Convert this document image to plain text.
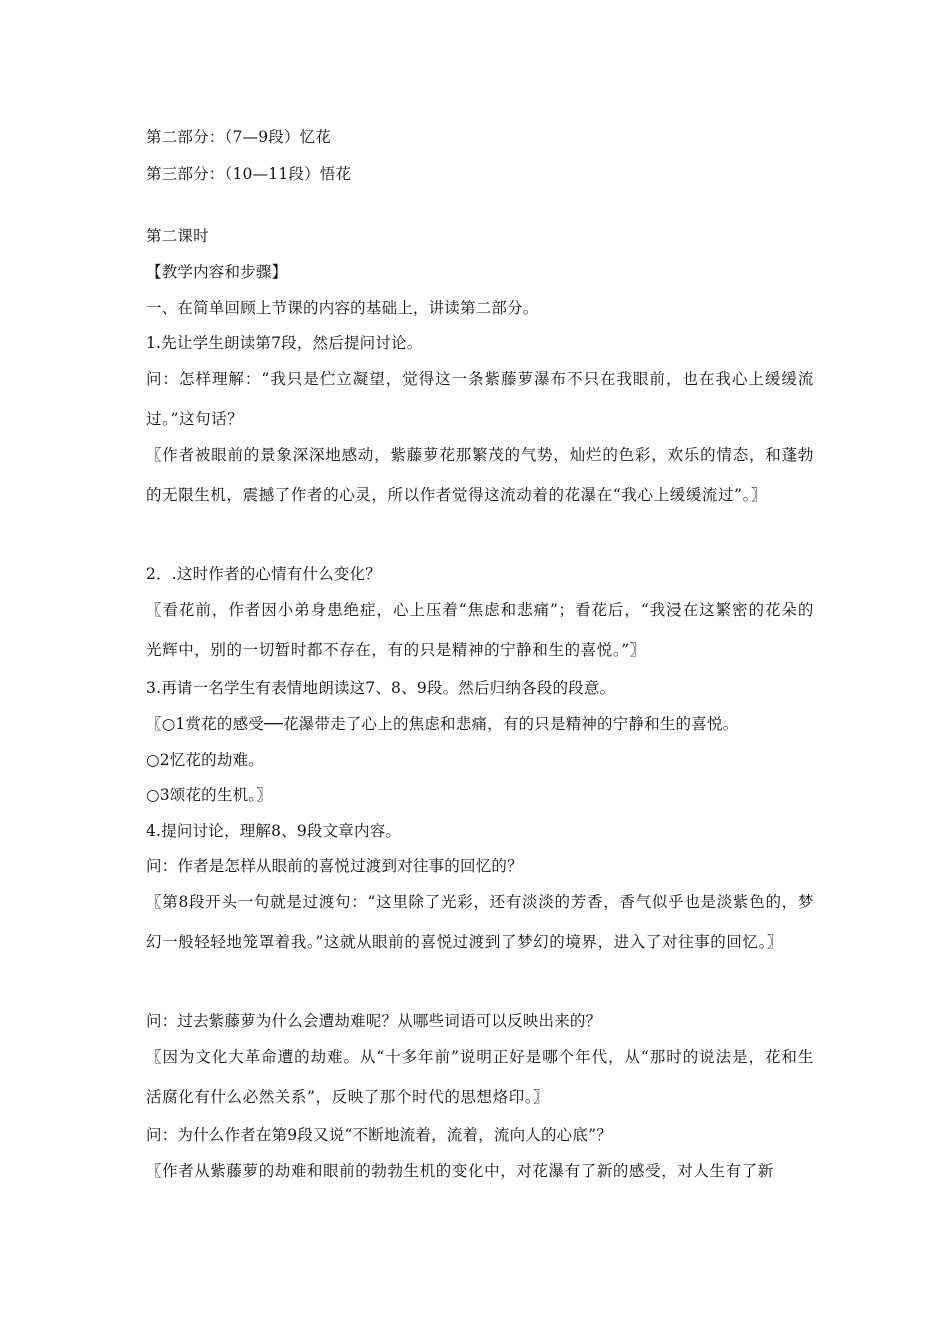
第二部分：（7—9段）忆花
第三部分：（10—11段）悟花
第二课时
【教学内容和步骤】
一、在简单回顾上节课的内容的基础上，讲读第二部分。
1.先让学生朗读第7段，然后提问讨论。
问：怎样理解：“我只是伫立凝望，觉得这一条紫藤萝瀑布不只在我眼前，也在我心上缓缓流过。”这句话？
〖作者被眼前的景象深深地感动，紫藤萝花那繁茂的气势，灿烂的色彩，欢乐的情态，和蓬勃的无限生机，震撼了作者的心灵，所以作者觉得这流动着的花瀑在“我心上缓缓流过”。〗
2．.这时作者的心情有什么变化？
〖看花前，作者因小弟身患绝症，心上压着“焦虑和悲痛”；看花后，“我浸在这繁密的花朵的光辉中，别的一切暂时都不存在，有的只是精神的宁静和生的喜悦。”〗
3.再请一名学生有表情地朗读这7、8、9段。然后归纳各段的段意。
〖○1赏花的感受──花瀑带走了心上的焦虑和悲痛，有的只是精神的宁静和生的喜悦。
○2忆花的劫难。
○3颂花的生机。〗
4.提问讨论，理解8、9段文章内容。
问：作者是怎样从眼前的喜悦过渡到对往事的回忆的？
〖第8段开头一句就是过渡句：“这里除了光彩，还有淡淡的芳香，香气似乎也是淡紫色的，梦幻一般轻轻地笼罩着我。”这就从眼前的喜悦过渡到了梦幻的境界，进入了对往事的回忆。〗
问：过去紫藤萝为什么会遭劫难呢？从哪些词语可以反映出来的？
〖因为文化大革命遭的劫难。从“十多年前”说明正好是哪个年代，从“那时的说法是，花和生活腐化有什么必然关系”，反映了那个时代的思想烙印。〗
问：为什么作者在第9段又说“不断地流着，流着，流向人的心底”？
〖作者从紫藤萝的劫难和眼前的勃勃生机的变化中，对花瀑有了新的感受，对人生有了新
